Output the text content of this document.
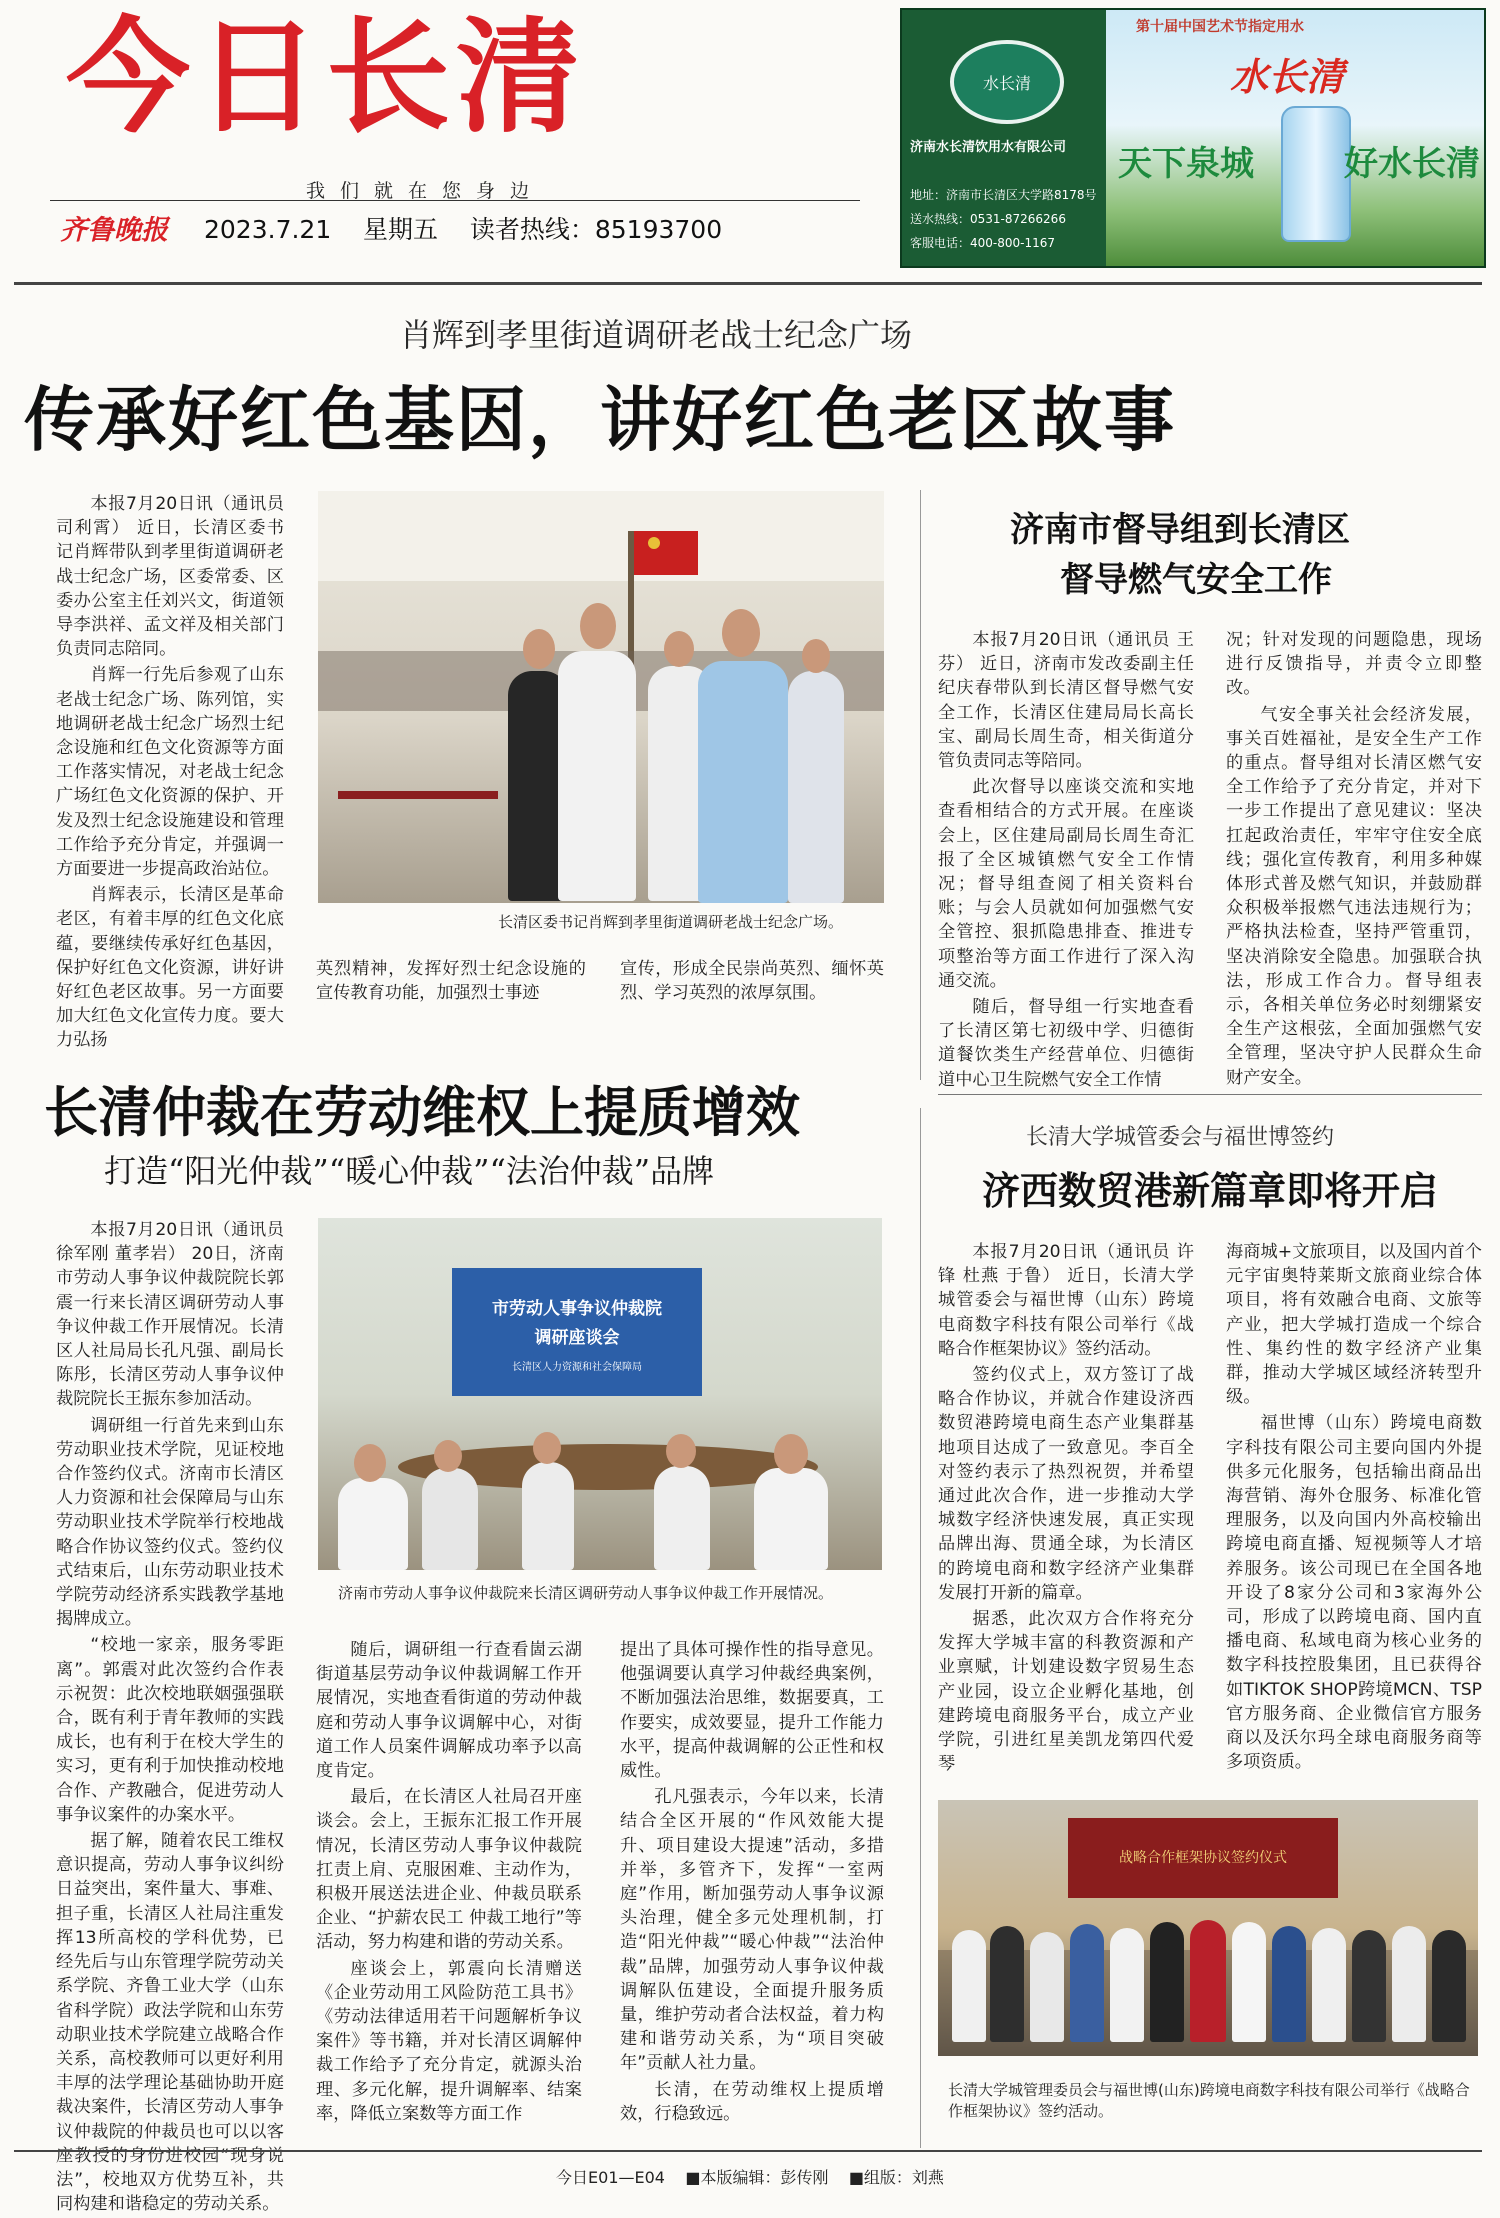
今日长清
我们就在您身边
齐鲁晚报 2023.7.21 星期五 读者热线：85193700
水长清
济南水长清饮用水有限公司
地址：济南市长清区大学路8178号
送水热线：0531-87266266
客服电话：400-800-1167
第十届中国艺术节指定用水
水长清
天下泉城	好水长清
肖辉到孝里街道调研老战士纪念广场
传承好红色基因，讲好红色老区故事

本报7月20日讯（通讯员 司利霄） 近日，长清区委书记肖辉带队到孝里街道调研老战士纪念广场，区委常委、区委办公室主任刘兴文，街道领导李洪祥、孟文祥及相关部门负责同志陪同。

肖辉一行先后参观了山东老战士纪念广场、陈列馆，实地调研老战士纪念广场烈士纪念设施和红色文化资源等方面工作落实情况，对老战士纪念广场红色文化资源的保护、开发及烈士纪念设施建设和管理工作给予充分肯定，并强调一方面要进一步提高政治站位。

肖辉表示，长清区是革命老区，有着丰厚的红色文化底蕴，要继续传承好红色基因，保护好红色文化资源，讲好讲好红色老区故事。另一方面要加大红色文化宣传力度。要大力弘扬

长清区委书记肖辉到孝里街道调研老战士纪念广场。

英烈精神，发挥好烈士纪念设施的宣传教育功能，加强烈士事迹

宣传，形成全民崇尚英烈、缅怀英烈、学习英烈的浓厚氛围。

济南市督导组到长清区
督导燃气安全工作

本报7月20日讯（通讯员 王芬） 近日，济南市发改委副主任纪庆春带队到长清区督导燃气安全工作，长清区住建局局长高长宝、副局长周生奇，相关街道分管负责同志等陪同。

此次督导以座谈交流和实地查看相结合的方式开展。在座谈会上，区住建局副局长周生奇汇报了全区城镇燃气安全工作情况；督导组查阅了相关资料台账；与会人员就如何加强燃气安全管控、狠抓隐患排查、推进专项整治等方面工作进行了深入沟通交流。

随后，督导组一行实地查看了长清区第七初级中学、归德街道餐饮类生产经营单位、归德街道中心卫生院燃气安全工作情

况；针对发现的问题隐患，现场进行反馈指导，并责令立即整改。

气安全事关社会经济发展，事关百姓福祉，是安全生产工作的重点。督导组对长清区燃气安全工作给予了充分肯定，并对下一步工作提出了意见建议：坚决扛起政治责任，牢牢守住安全底线；强化宣传教育，利用多种媒体形式普及燃气知识，并鼓励群众积极举报燃气违法违规行为；严格执法检查，坚持严管重罚，坚决消除安全隐患。加强联合执法，形成工作合力。督导组表示，各相关单位务必时刻绷紧安全生产这根弦，全面加强燃气安全管理，坚决守护人民群众生命财产安全。

长清仲裁在劳动维权上提质增效
打造“阳光仲裁”“暖心仲裁”“法治仲裁”品牌

本报7月20日讯（通讯员 徐军刚 董孝岩） 20日，济南市劳动人事争议仲裁院院长郭震一行来长清区调研劳动人事争议仲裁工作开展情况。长清区人社局局长孔凡强、副局长陈彤，长清区劳动人事争议仲裁院院长王振东参加活动。

调研组一行首先来到山东劳动职业技术学院，见证校地合作签约仪式。济南市长清区人力资源和社会保障局与山东劳动职业技术学院举行校地战略合作协议签约仪式。签约仪式结束后，山东劳动职业技术学院劳动经济系实践教学基地揭牌成立。

“校地一家亲，服务零距离”。郭震对此次签约合作表示祝贺：此次校地联姻强强联合，既有利于青年教师的实践成长，也有利于在校大学生的实习，更有利于加快推动校地合作、产教融合，促进劳动人事争议案件的办案水平。

据了解，随着农民工维权意识提高，劳动人事争议纠纷日益突出，案件量大、事难、担子重，长清区人社局注重发挥13所高校的学科优势，已经先后与山东管理学院劳动关系学院、齐鲁工业大学（山东省科学院）政法学院和山东劳动职业技术学院建立战略合作关系，高校教师可以更好利用丰厚的法学理论基础协助开庭裁决案件，长清区劳动人事争议仲裁院的仲裁员也可以以客座教授的身份进校园“现身说法”，校地双方优势互补，共同构建和谐稳定的劳动关系。

市劳动人事争议仲裁院
调研座谈会
长清区人力资源和社会保障局
济南市劳动人事争议仲裁院来长清区调研劳动人事争议仲裁工作开展情况。

随后，调研组一行查看崮云湖街道基层劳动争议仲裁调解工作开展情况，实地查看街道的劳动仲裁庭和劳动人事争议调解中心，对街道工作人员案件调解成功率予以高度肯定。

最后，在长清区人社局召开座谈会。会上，王振东汇报工作开展情况，长清区劳动人事争议仲裁院扛责上肩、克服困难、主动作为，积极开展送法进企业、仲裁员联系企业、“护薪农民工 仲裁工地行”等活动，努力构建和谐的劳动关系。

座谈会上，郭震向长清赠送《企业劳动用工风险防范工具书》《劳动法律适用若干问题解析争议案件》等书籍，并对长清区调解仲裁工作给予了充分肯定，就源头治理、多元化解，提升调解率、结案率，降低立案数等方面工作

提出了具体可操作性的指导意见。他强调要认真学习仲裁经典案例，不断加强法治思维，数据要真，工作要实，成效要显，提升工作能力水平，提高仲裁调解的公正性和权威性。

孔凡强表示，今年以来，长清结合全区开展的“作风效能大提升、项目建设大提速”活动，多措并举，多管齐下，发挥“一室两庭”作用，断加强劳动人事争议源头治理，健全多元处理机制，打造“阳光仲裁”“暖心仲裁”“法治仲裁”品牌，加强劳动人事争议仲裁调解队伍建设，全面提升服务质量，维护劳动者合法权益，着力构建和谐劳动关系，为“项目突破年”贡献人社力量。

长清，在劳动维权上提质增效，行稳致远。

长清大学城管委会与福世博签约
济西数贸港新篇章即将开启

本报7月20日讯（通讯员 许锋 杜燕 于鲁） 近日，长清大学城管委会与福世博（山东）跨境电商数字科技有限公司举行《战略合作框架协议》签约活动。

签约仪式上，双方签订了战略合作协议，并就合作建设济西数贸港跨境电商生态产业集群基地项目达成了一致意见。李百全对签约表示了热烈祝贺，并希望通过此次合作，进一步推动大学城数字经济快速发展，真正实现品牌出海、贯通全球，为长清区的跨境电商和数字经济产业集群发展打开新的篇章。

据悉，此次双方合作将充分发挥大学城丰富的科教资源和产业禀赋，计划建设数字贸易生态产业园，设立企业孵化基地，创建跨境电商服务平台，成立产业学院，引进红星美凯龙第四代爱琴

海商城+文旅项目，以及国内首个元宇宙奥特莱斯文旅商业综合体项目，将有效融合电商、文旅等产业，把大学城打造成一个综合性、集约性的数字经济产业集群，推动大学城区域经济转型升级。

福世博（山东）跨境电商数字科技有限公司主要向国内外提供多元化服务，包括输出商品出海营销、海外仓服务、标准化管理服务，以及向国内外高校输出跨境电商直播、短视频等人才培养服务。该公司现已在全国各地开设了8家分公司和3家海外公司，形成了以跨境电商、国内直播电商、私域电商为核心业务的数字科技控股集团，且已获得谷如TIKTOK SHOP跨境MCN、TSP官方服务商、企业微信官方服务商以及沃尔玛全球电商服务商等多项资质。

战略合作框架协议签约仪式
长清大学城管理委员会与福世博(山东)跨境电商数字科技有限公司举行《战略合作框架协议》签约活动。
今日E01—E04 ■本版编辑：彭传刚 ■组版：刘燕
